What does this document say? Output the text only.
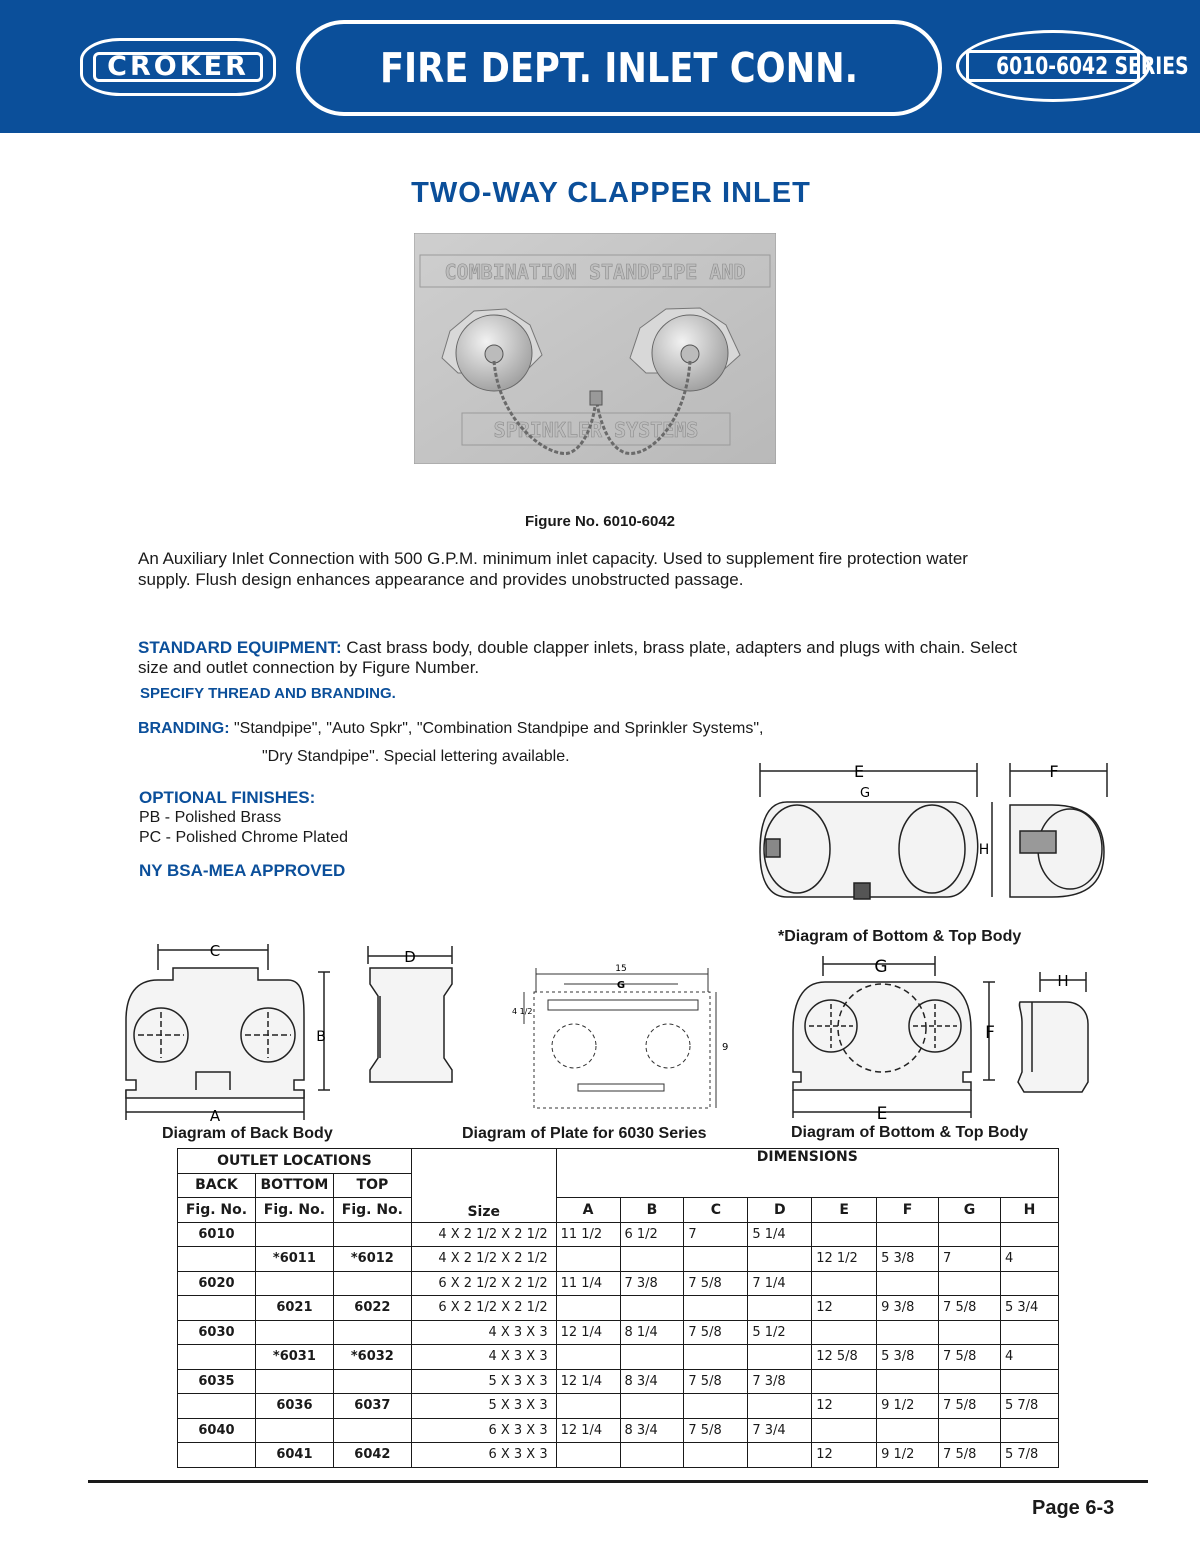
CROKER	FIRE DEPT. INLET CONN. FLUSH TYPE
6010-6042 SERIES
TWO-WAY CLAPPER INLET
COMBINATION STANDPIPE AND
SPRINKLER SYSTEMS
Figure No. 6010-6042
An Auxiliary Inlet Connection with 500 G.P.M. minimum inlet capacity. Used to supplement fire protection water supply. Flush design enhances appearance and provides unobstructed passage.
STANDARD EQUIPMENT: Cast brass body, double clapper inlets, brass plate, adapters and plugs with chain. Select size and outlet connection by Figure Number.
SPECIFY THREAD AND BRANDING.
BRANDING: "Standpipe", "Auto Spkr", "Combination Standpipe and Sprinkler Systems",
"Dry Standpipe". Special lettering available.
OPTIONAL FINISHES:
PB - Polished Brass
PC - Polished Chrome Plated
NY BSA-MEA APPROVED
E
G
F
H
*Diagram of Bottom & Top Body
C
B
A
D
15
G
9
4 1/2
G
F
E
H
Diagram of Back Body	Diagram of Plate for 6030 Series	Diagram of Bottom & Top Body
OUTLET LOCATIONS			Size	DIMENSIONS							
BACK	BOTTOM	TOP									
Fig. No.	Fig. No.	Fig. No.		A	B	C	D	E	F	G	H
6010			4 X 2 1/2 X 2 1/2	11 1/2	6 1/2	7	5 1/4				
	*6011	*6012	4 X 2 1/2 X 2 1/2					12 1/2	5 3/8	7	4
6020			6 X 2 1/2 X 2 1/2	11 1/4	7 3/8	7 5/8	7 1/4				
	6021	6022	6 X 2 1/2 X 2 1/2					12	9 3/8	7 5/8	5 3/4
6030			4 X 3 X 3	12 1/4	8 1/4	7 5/8	5 1/2				
	*6031	*6032	4 X 3 X 3					12 5/8	5 3/8	7 5/8	4
6035			5 X 3 X 3	12 1/4	8 3/4	7 5/8	7 3/8				
	6036	6037	5 X 3 X 3					12	9 1/2	7 5/8	5 7/8
6040			6 X 3 X 3	12 1/4	8 3/4	7 5/8	7 3/4				
	6041	6042	6 X 3 X 3					12	9 1/2	7 5/8	5 7/8
Page 6-3
